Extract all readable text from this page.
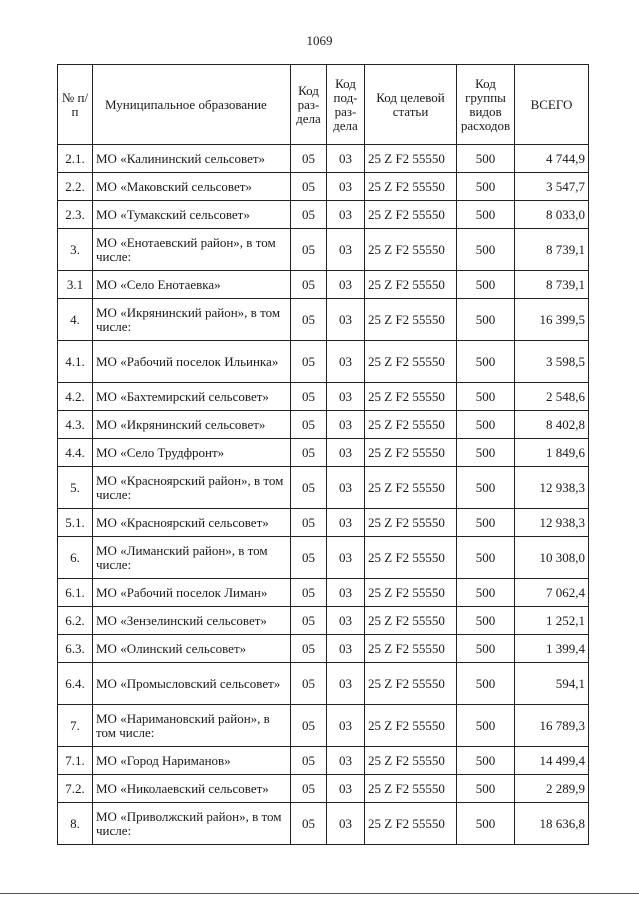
1069
№ п/п	Муниципальное образование	Код раз-дела	Код под-раз-дела	Код целевой статьи	Код группы видов расходов	ВСЕГО
2.1.	МО «Калининский сельсовет»	05	03	25 Z F2 55550	500	4 744,9
2.2.	МО «Маковский сельсовет»	05	03	25 Z F2 55550	500	3 547,7
2.3.	МО «Тумакский сельсовет»	05	03	25 Z F2 55550	500	8 033,0
3.	МО «Енотаевский район», в том числе:	05	03	25 Z F2 55550	500	8 739,1
3.1	МО «Село Енотаевка»	05	03	25 Z F2 55550	500	8 739,1
4.	МО «Икрянинский район», в том числе:	05	03	25 Z F2 55550	500	16 399,5
4.1.	МО «Рабочий поселок Ильинка»	05	03	25 Z F2 55550	500	3 598,5
4.2.	МО «Бахтемирский сельсовет»	05	03	25 Z F2 55550	500	2 548,6
4.3.	МО «Икрянинский сельсовет»	05	03	25 Z F2 55550	500	8 402,8
4.4.	МО «Село Трудфронт»	05	03	25 Z F2 55550	500	1 849,6
5.	МО «Красноярский район», в том числе:	05	03	25 Z F2 55550	500	12 938,3
5.1.	МО «Красноярский сельсовет»	05	03	25 Z F2 55550	500	12 938,3
6.	МО «Лиманский район», в том числе:	05	03	25 Z F2 55550	500	10 308,0
6.1.	МО «Рабочий поселок Лиман»	05	03	25 Z F2 55550	500	7 062,4
6.2.	МО «Зензелинский сельсовет»	05	03	25 Z F2 55550	500	1 252,1
6.3.	МО «Олинский сельсовет»	05	03	25 Z F2 55550	500	1 399,4
6.4.	МО «Промысловский сельсовет»	05	03	25 Z F2 55550	500	594,1
7.	МО «Наримановский район», в том числе:	05	03	25 Z F2 55550	500	16 789,3
7.1.	МО «Город Нариманов»	05	03	25 Z F2 55550	500	14 499,4
7.2.	МО «Николаевский сельсовет»	05	03	25 Z F2 55550	500	2 289,9
8.	МО «Приволжский район», в том числе:	05	03	25 Z F2 55550	500	18 636,8
